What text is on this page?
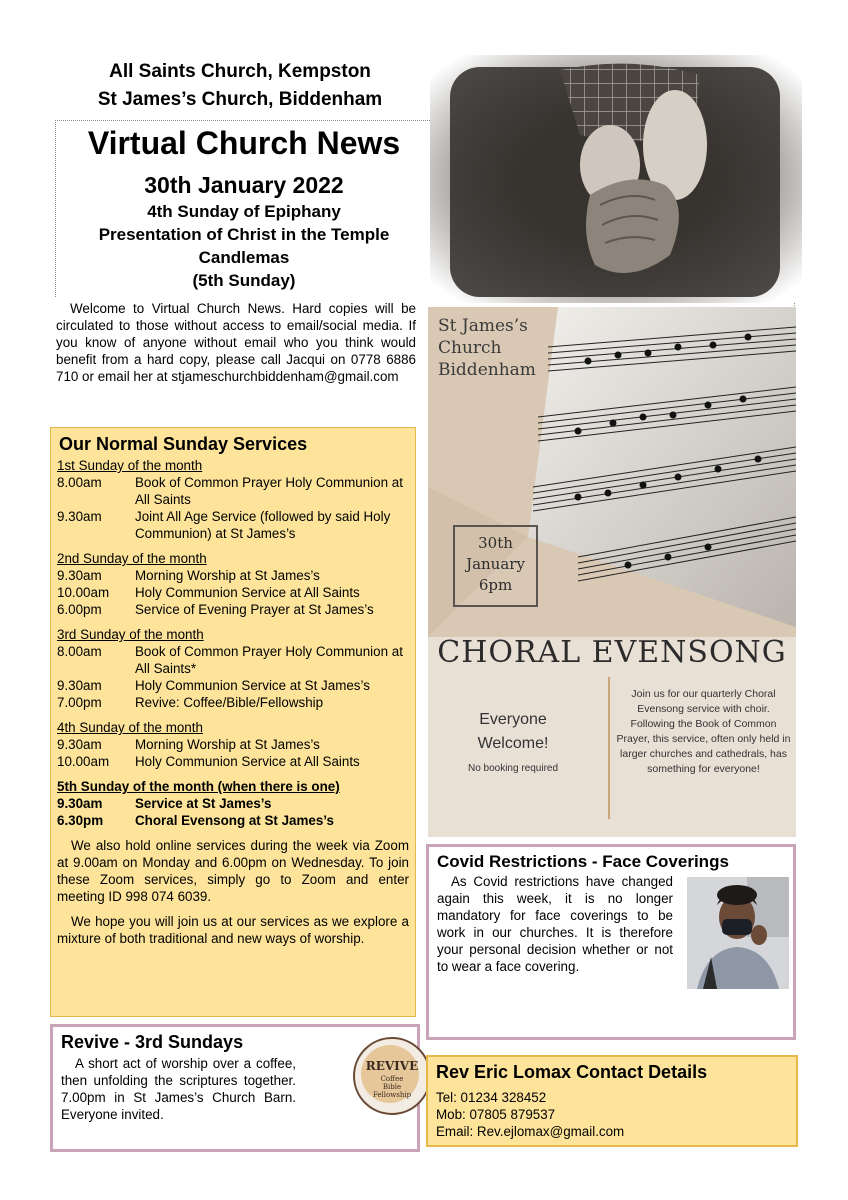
All Saints Church, Kempston
St James’s Church, Biddenham
Virtual Church News
30th January 2022
4th Sunday of Epiphany
Presentation of Christ in the Temple
Candlemas
(5th Sunday)
Welcome to Virtual Church News. Hard copies will be circulated to those without access to email/social media. If you know of anyone without email who you think would benefit from a hard copy, please call Jacqui on 0778 6886 710 or email her at stjameschurchbiddenham@gmail.com
Our Normal Sunday Services
1st Sunday of the month
8.00am	Book of Common Prayer Holy Communion at All Saints
9.30am	Joint All Age Service (followed by said Holy Communion) at St James’s
2nd Sunday of the month
9.30am	Morning Worship at St James’s
10.00am	Holy Communion Service at All Saints
6.00pm	Service of Evening Prayer at St James’s
3rd Sunday of the month
8.00am	Book of Common Prayer Holy Communion at All Saints*
9.30am	Holy Communion Service at St James’s
7.00pm	Revive: Coffee/Bible/Fellowship
4th Sunday of the month
9.30am	Morning Worship at St James’s
10.00am	Holy Communion Service at All Saints
5th Sunday of the month (when there is one)
9.30am	Service at St James’s
6.30pm	Choral Evensong at St James’s

We also hold online services during the week via Zoom at 9.00am on Monday and 6.00pm on Wednesday. To join these Zoom services, simply go to Zoom and enter meeting ID 998 074 6039.

We hope you will join us at our services as we explore a mixture of both traditional and new ways of worship.

Revive - 3rd Sundays
A short act of worship over a coffee, then unfolding the scriptures together. 7.00pm in St James’s Church Barn. Everyone invited.
REVIVE
Coffee
Bible
Fellowship
St James’s
Church
Biddenham
30th
January
6pm
CHORAL EVENSONG
Everyone
Welcome!
No booking required
Join us for our quarterly Choral Evensong service with choir. Following the Book of Common Prayer, this service, often only held in larger churches and cathedrals, has something for everyone!
Covid Restrictions - Face Coverings
As Covid restrictions have changed again this week, it is no longer mandatory for face coverings to be work in our churches. It is therefore your personal decision whether or not to wear a face covering.
Rev Eric Lomax Contact Details
Tel: 01234 328452
Mob: 07805 879537
Email: Rev.ejlomax@gmail.com
